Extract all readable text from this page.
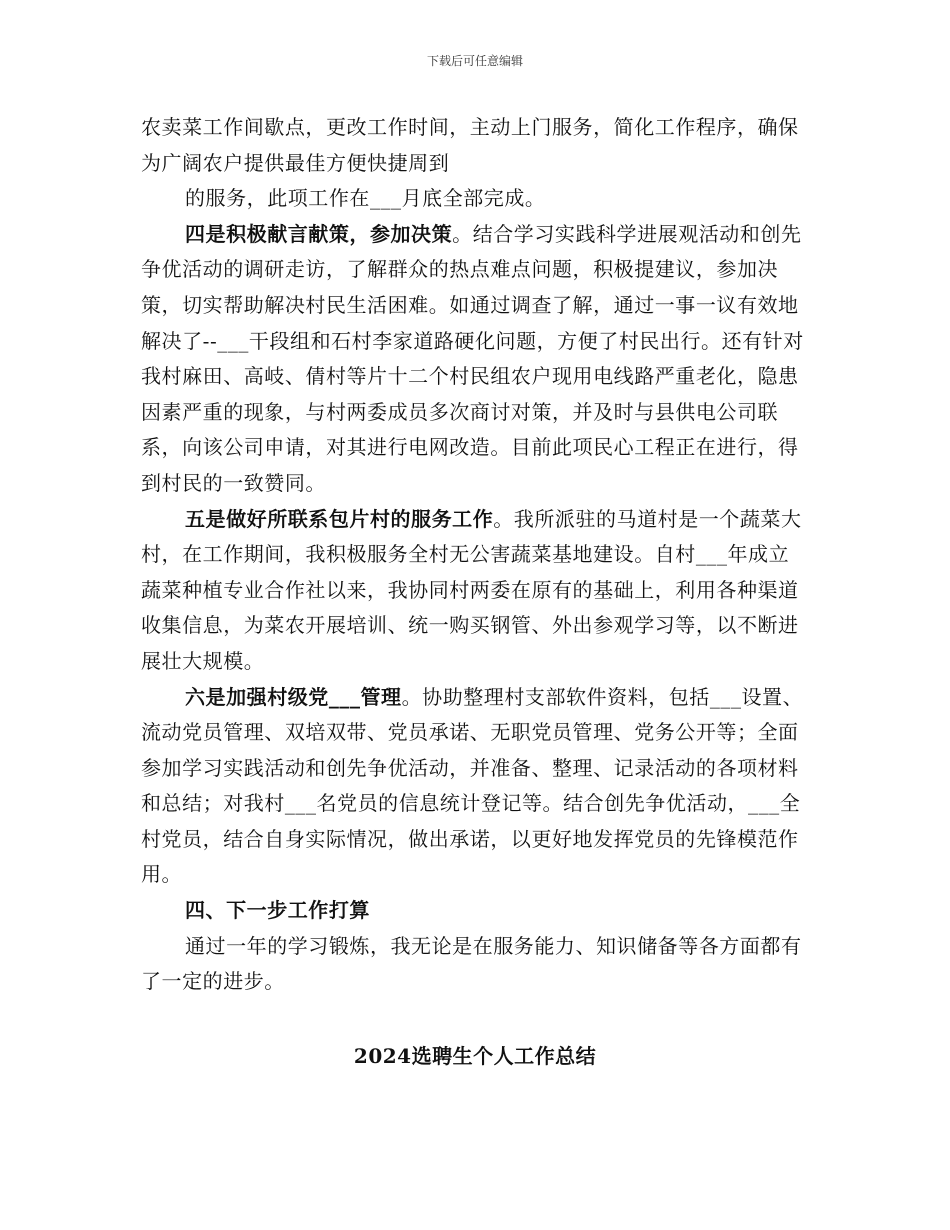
下载后可任意编辑

农卖菜工作间歇点，更改工作时间，主动上门服务，简化工作程序，确保为广阔农户提供最佳方便快捷周到

的服务，此项工作在___月底全部完成。

四是积极献言献策，参加决策。结合学习实践科学进展观活动和创先争优活动的调研走访，了解群众的热点难点问题，积极提建议，参加决策，切实帮助解决村民生活困难。如通过调查了解，通过一事一议有效地解决了--___干段组和石村李家道路硬化问题，方便了村民出行。还有针对我村麻田、高岐、倩村等片十二个村民组农户现用电线路严重老化，隐患因素严重的现象，与村两委成员多次商讨对策，并及时与县供电公司联系，向该公司申请，对其进行电网改造。目前此项民心工程正在进行，得到村民的一致赞同。

五是做好所联系包片村的服务工作。我所派驻的马道村是一个蔬菜大村，在工作期间，我积极服务全村无公害蔬菜基地建设。自村___年成立蔬菜种植专业合作社以来，我协同村两委在原有的基础上，利用各种渠道收集信息，为菜农开展培训、统一购买钢管、外出参观学习等，以不断进展壮大规模。

六是加强村级党___管理。协助整理村支部软件资料，包括___设置、流动党员管理、双培双带、党员承诺、无职党员管理、党务公开等；全面参加学习实践活动和创先争优活动，并准备、整理、记录活动的各项材料和总结；对我村___名党员的信息统计登记等。结合创先争优活动，___全村党员，结合自身实际情况，做出承诺，以更好地发挥党员的先锋模范作用。

四、下一步工作打算

通过一年的学习锻炼，我无论是在服务能力、知识储备等各方面都有了一定的进步。

2024选聘生个人工作总结
